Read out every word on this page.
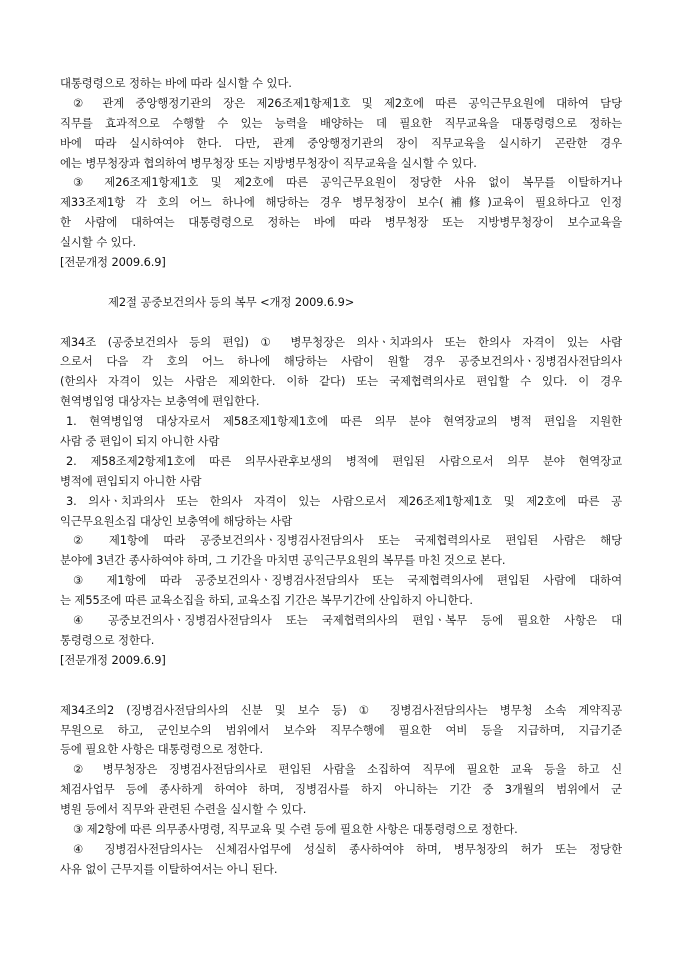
대통령령으로 정하는 바에 따라 실시할 수 있다.
② 관계 중앙행정기관의 장은 제26조제1항제1호 및 제2호에 따른 공익근무요원에 대하여 담당
직무를 효과적으로 수행할 수 있는 능력을 배양하는 데 필요한 직무교육을 대통령령으로 정하는
바에 따라 실시하여야 한다. 다만, 관계 중앙행정기관의 장이 직무교육을 실시하기 곤란한 경우
에는 병무청장과 협의하여 병무청장 또는 지방병무청장이 직무교육을 실시할 수 있다.
③ 제26조제1항제1호 및 제2호에 따른 공익근무요원이 정당한 사유 없이 복무를 이탈하거나
제33조제1항 각 호의 어느 하나에 해당하는 경우 병무청장이 보수(補修)교육이 필요하다고 인정
한 사람에 대하여는 대통령령으로 정하는 바에 따라 병무청장 또는 지방병무청장이 보수교육을
실시할 수 있다.
[전문개정 2009.6.9]
제2절 공중보건의사 등의 복무 <개정 2009.6.9>
제34조 (공중보건의사 등의 편입) ① 병무청장은 의사ㆍ치과의사 또는 한의사 자격이 있는 사람
으로서 다음 각 호의 어느 하나에 해당하는 사람이 원할 경우 공중보건의사ㆍ징병검사전담의사
(한의사 자격이 있는 사람은 제외한다. 이하 같다) 또는 국제협력의사로 편입할 수 있다. 이 경우
현역병입영 대상자는 보충역에 편입한다.
1. 현역병입영 대상자로서 제58조제1항제1호에 따른 의무 분야 현역장교의 병적 편입을 지원한
사람 중 편입이 되지 아니한 사람
2. 제58조제2항제1호에 따른 의무사관후보생의 병적에 편입된 사람으로서 의무 분야 현역장교
병적에 편입되지 아니한 사람
3. 의사ㆍ치과의사 또는 한의사 자격이 있는 사람으로서 제26조제1항제1호 및 제2호에 따른 공
익근무요원소집 대상인 보충역에 해당하는 사람
② 제1항에 따라 공중보건의사ㆍ징병검사전담의사 또는 국제협력의사로 편입된 사람은 해당
분야에 3년간 종사하여야 하며, 그 기간을 마치면 공익근무요원의 복무를 마친 것으로 본다.
③ 제1항에 따라 공중보건의사ㆍ징병검사전담의사 또는 국제협력의사에 편입된 사람에 대하여
는 제55조에 따른 교육소집을 하되, 교육소집 기간은 복무기간에 산입하지 아니한다.
④ 공중보건의사ㆍ징병검사전담의사 또는 국제협력의사의 편입ㆍ복무 등에 필요한 사항은 대
통령령으로 정한다.
[전문개정 2009.6.9]
제34조의2 (징병검사전담의사의 신분 및 보수 등) ① 징병검사전담의사는 병무청 소속 계약직공
무원으로 하고, 군인보수의 범위에서 보수와 직무수행에 필요한 여비 등을 지급하며, 지급기준
등에 필요한 사항은 대통령령으로 정한다.
② 병무청장은 징병검사전담의사로 편입된 사람을 소집하여 직무에 필요한 교육 등을 하고 신
체검사업무 등에 종사하게 하여야 하며, 징병검사를 하지 아니하는 기간 중 3개월의 범위에서 군
병원 등에서 직무와 관련된 수련을 실시할 수 있다.
③ 제2항에 따른 의무종사명령, 직무교육 및 수련 등에 필요한 사항은 대통령령으로 정한다.
④ 징병검사전담의사는 신체검사업무에 성실히 종사하여야 하며, 병무청장의 허가 또는 정당한
사유 없이 근무지를 이탈하여서는 아니 된다.
